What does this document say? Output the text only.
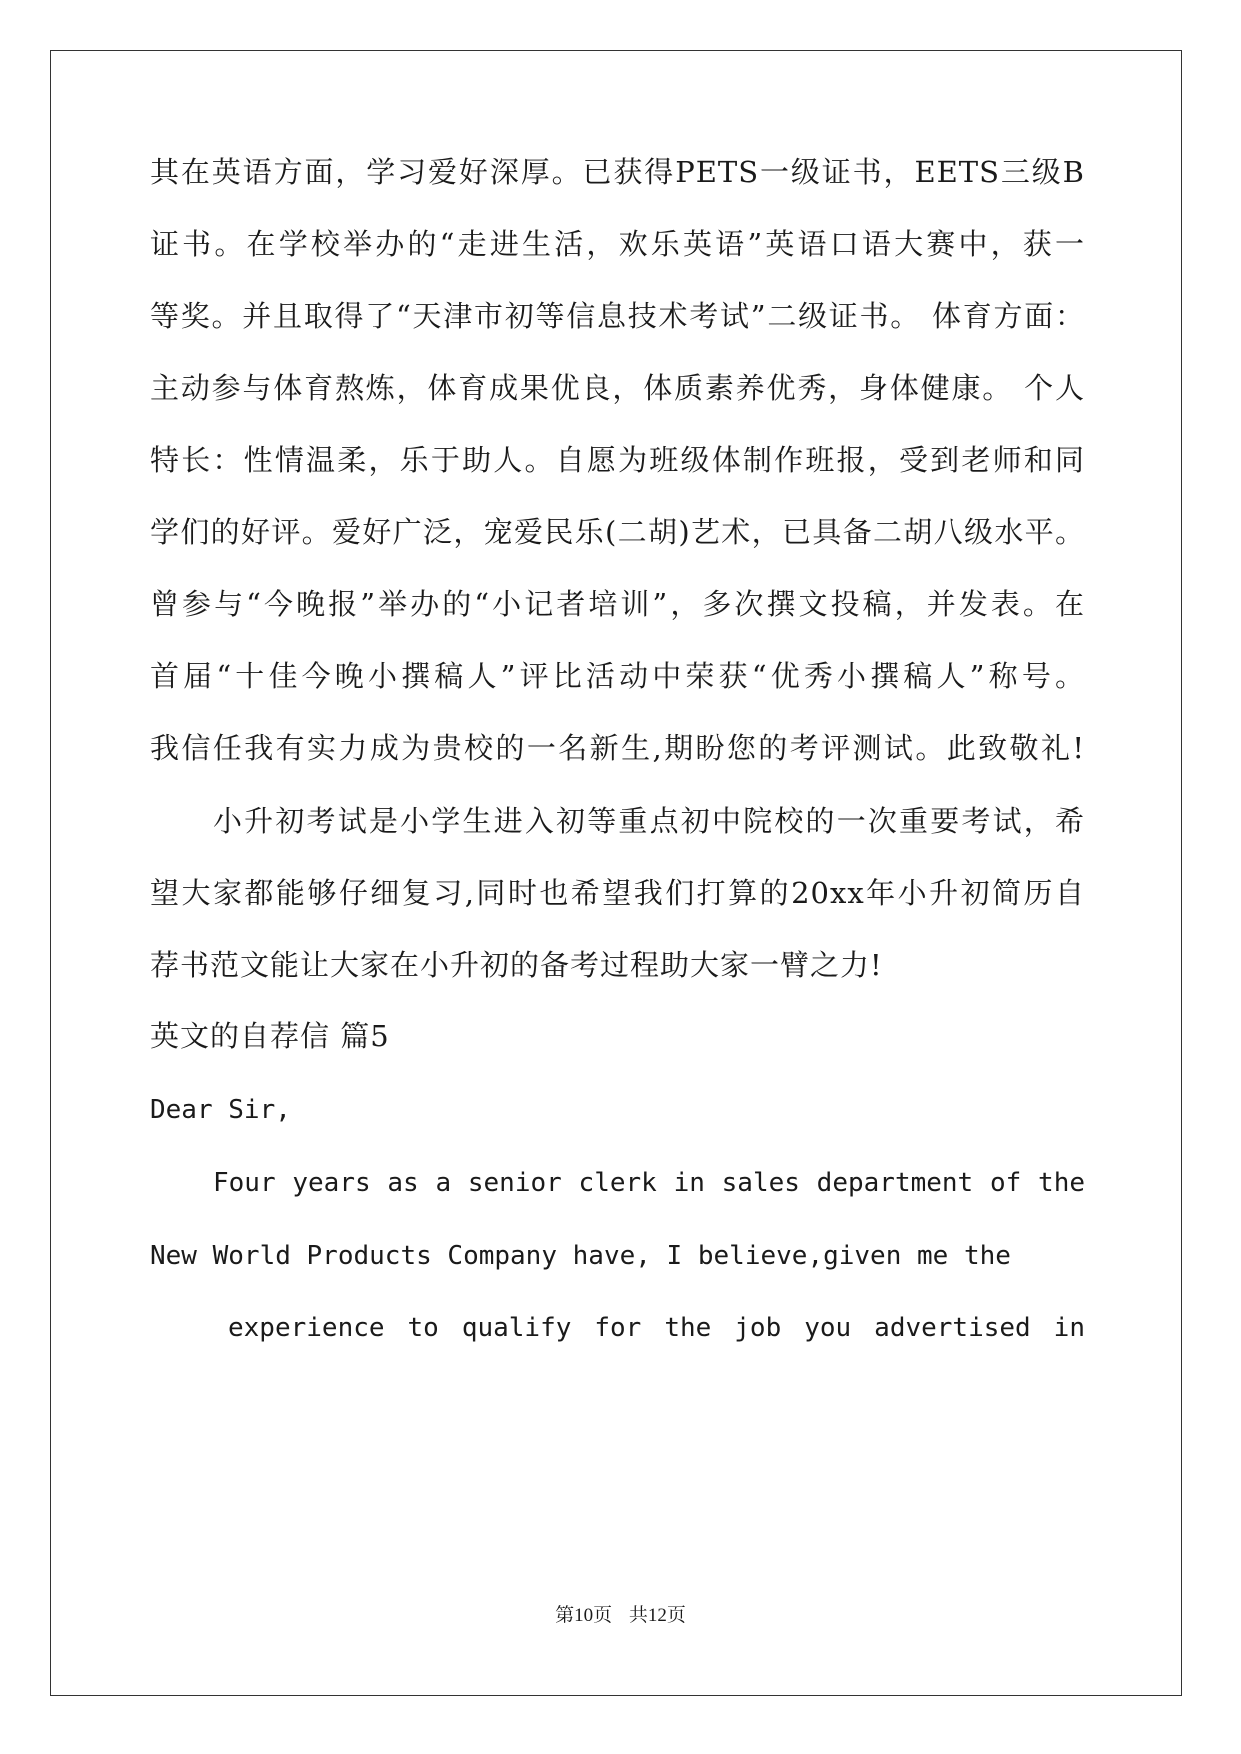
其在英语方面，学习爱好深厚。已获得PETS一级证书，EETS三级B
证书。在学校举办的“走进生活，欢乐英语”英语口语大赛中，获一
等奖。并且取得了“天津市初等信息技术考试”二级证书。 体育方面：
主动参与体育熬炼，体育成果优良，体质素养优秀，身体健康。 个人
特长：性情温柔，乐于助人。自愿为班级体制作班报，受到老师和同
学们的好评。爱好广泛，宠爱民乐(二胡)艺术，已具备二胡八级水平。
曾参与“今晚报”举办的“小记者培训”，多次撰文投稿，并发表。在
首届“十佳今晚小撰稿人”评比活动中荣获“优秀小撰稿人”称号。
我信任我有实力成为贵校的一名新生,期盼您的考评测试。此致敬礼!
小升初考试是小学生进入初等重点初中院校的一次重要考试，希
望大家都能够仔细复习,同时也希望我们打算的20xx年小升初简历自
荐书范文能让大家在小升初的备考过程助大家一臂之力!
英文的自荐信 篇5
Dear Sir,
Four years as a senior clerk in sales department of the
New World Products Company have, I believe,given me the
experience to qualify for the job you advertised in
第10页 共12页
